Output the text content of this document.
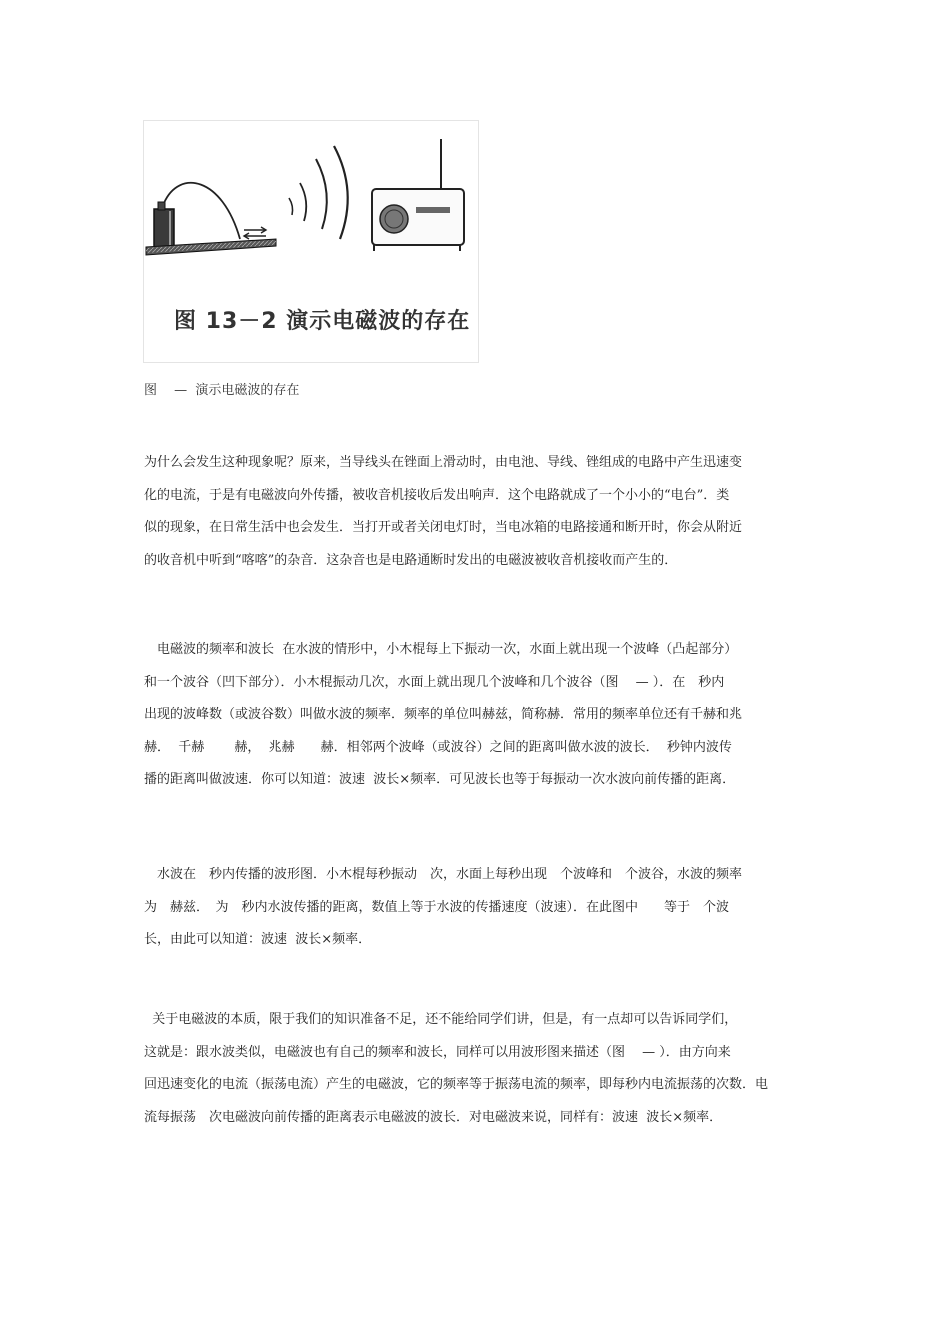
图 13－2 演示电磁波的存在
图　 —  演示电磁波的存在
为什么会发生这种现象呢？原来，当导线头在锉面上滑动时，由电池、导线、锉组成的电路中产生迅速变
化的电流，于是有电磁波向外传播，被收音机接收后发出响声．这个电路就成了一个小小的“电台”．类
似的现象，在日常生活中也会发生．当打开或者关闭电灯时，当电冰箱的电路接通和断开时，你会从附近
的收音机中听到“喀喀”的杂音．这杂音也是电路通断时发出的电磁波被收音机接收而产生的．
　电磁波的频率和波长  在水波的情形中，小木棍每上下振动一次，水面上就出现一个波峰（凸起部分）
和一个波谷（凹下部分）．小木棍振动几次，水面上就出现几个波峰和几个波谷（图　 — ）．在　秒内
出现的波峰数（或波谷数）叫做水波的频率．频率的单位叫赫兹，简称赫．常用的频率单位还有千赫和兆
赫．  千赫　 　赫，  兆赫　　赫．相邻两个波峰（或波谷）之间的距离叫做水波的波长．  秒钟内波传
播的距离叫做波速．你可以知道：波速  波长×频率．可见波长也等于每振动一次水波向前传播的距离．
　水波在　秒内传播的波形图．小木棍每秒振动　次，水面上每秒出现　个波峰和　个波谷，水波的频率
为　赫兹．　为　秒内水波传播的距离，数值上等于水波的传播速度（波速）．在此图中　　等于　个波
长，由此可以知道：波速  波长×频率．
关于电磁波的本质，限于我们的知识准备不足，还不能给同学们讲，但是，有一点却可以告诉同学们，
这就是：跟水波类似，电磁波也有自己的频率和波长，同样可以用波形图来描述（图　 — ）．由方向来
回迅速变化的电流（振荡电流）产生的电磁波，它的频率等于振荡电流的频率，即每秒内电流振荡的次数．电
流每振荡　次电磁波向前传播的距离表示电磁波的波长．对电磁波来说，同样有：波速  波长×频率．
